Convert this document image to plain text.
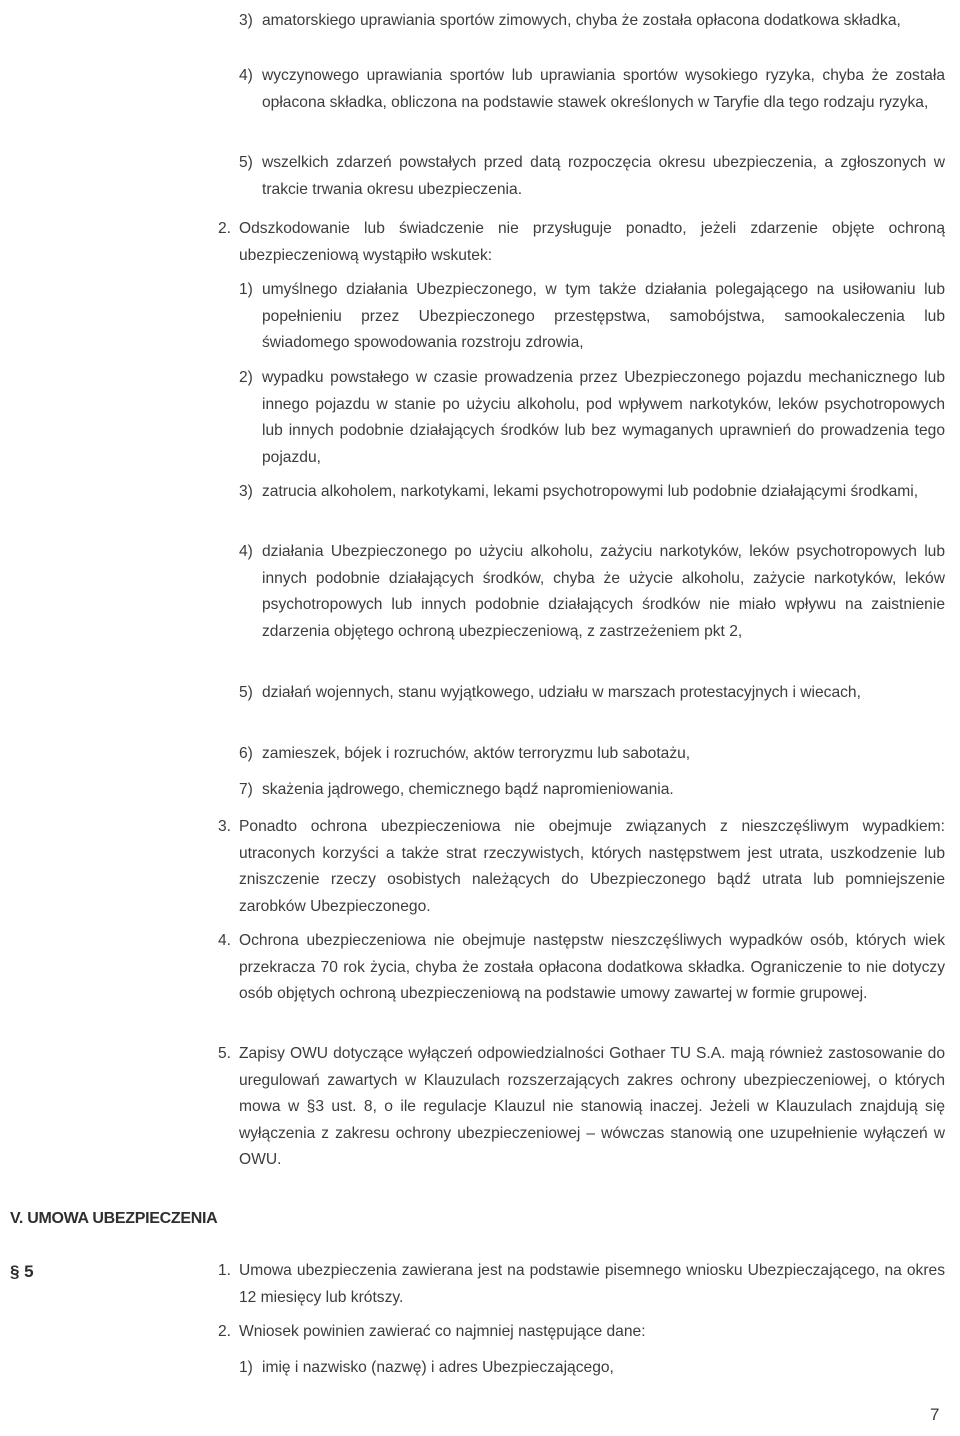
3) amatorskiego uprawiania sportów zimowych, chyba że została opłacona dodatkowa składka,
4) wyczynowego uprawiania sportów lub uprawiania sportów wysokiego ryzyka, chyba że została opłacona składka, obliczona na podstawie stawek określonych w Taryfie dla tego rodzaju ryzyka,
5) wszelkich zdarzeń powstałych przed datą rozpoczęcia okresu ubezpieczenia, a zgłoszonych w trakcie trwania okresu ubezpieczenia.
2. Odszkodowanie lub świadczenie nie przysługuje ponadto, jeżeli zdarzenie objęte ochroną ubezpieczeniową wystąpiło wskutek:
1) umyślnego działania Ubezpieczonego, w tym także działania polegającego na usiłowaniu lub popełnieniu przez Ubezpieczonego przestępstwa, samobójstwa, samookaleczenia lub świadomego spowodowania rozstroju zdrowia,
2) wypadku powstałego w czasie prowadzenia przez Ubezpieczonego pojazdu mechanicznego lub innego pojazdu w stanie po użyciu alkoholu, pod wpływem narkotyków, leków psychotropowych lub innych podobnie działających środków lub bez wymaganych uprawnień do prowadzenia tego pojazdu,
3) zatrucia alkoholem, narkotykami, lekami psychotropowymi lub podobnie działającymi środkami,
4) działania Ubezpieczonego po użyciu alkoholu, zażyciu narkotyków, leków psychotropowych lub innych podobnie działających środków, chyba że użycie alkoholu, zażycie narkotyków, leków psychotropowych lub innych podobnie działających środków nie miało wpływu na zaistnienie zdarzenia objętego ochroną ubezpieczeniową, z zastrzeżeniem pkt 2,
5) działań wojennych, stanu wyjątkowego, udziału w marszach protestacyjnych i wiecach,
6) zamieszek, bójek i rozruchów, aktów terroryzmu lub sabotażu,
7) skażenia jądrowego, chemicznego bądź napromieniowania.
3. Ponadto ochrona ubezpieczeniowa nie obejmuje związanych z nieszczęśliwym wypadkiem: utraconych korzyści a także strat rzeczywistych, których następstwem jest utrata, uszkodzenie lub zniszczenie rzeczy osobistych należących do Ubezpieczonego bądź utrata lub pomniejszenie zarobków Ubezpieczonego.
4. Ochrona ubezpieczeniowa nie obejmuje następstw nieszczęśliwych wypadków osób, których wiek przekracza 70 rok życia, chyba że została opłacona dodatkowa składka. Ograniczenie to nie dotyczy osób objętych ochroną ubezpieczeniową na podstawie umowy zawartej w formie grupowej.
5. Zapisy OWU dotyczące wyłączeń odpowiedzialności Gothaer TU S.A. mają również zastosowanie do uregulowań zawartych w Klauzulach rozszerzających zakres ochrony ubezpieczeniowej, o których mowa w §3 ust. 8, o ile regulacje Klauzul nie stanowią inaczej. Jeżeli w Klauzulach znajdują się wyłączenia z zakresu ochrony ubezpieczeniowej – wówczas stanowią one uzupełnienie wyłączeń w OWU.
V. UMOWA UBEZPIECZENIA
§ 5	1. Umowa ubezpieczenia zawierana jest na podstawie pisemnego wniosku Ubezpieczającego, na okres 12 miesięcy lub krótszy.
2. Wniosek powinien zawierać co najmniej następujące dane:
1) imię i nazwisko (nazwę) i adres Ubezpieczającego,
7
